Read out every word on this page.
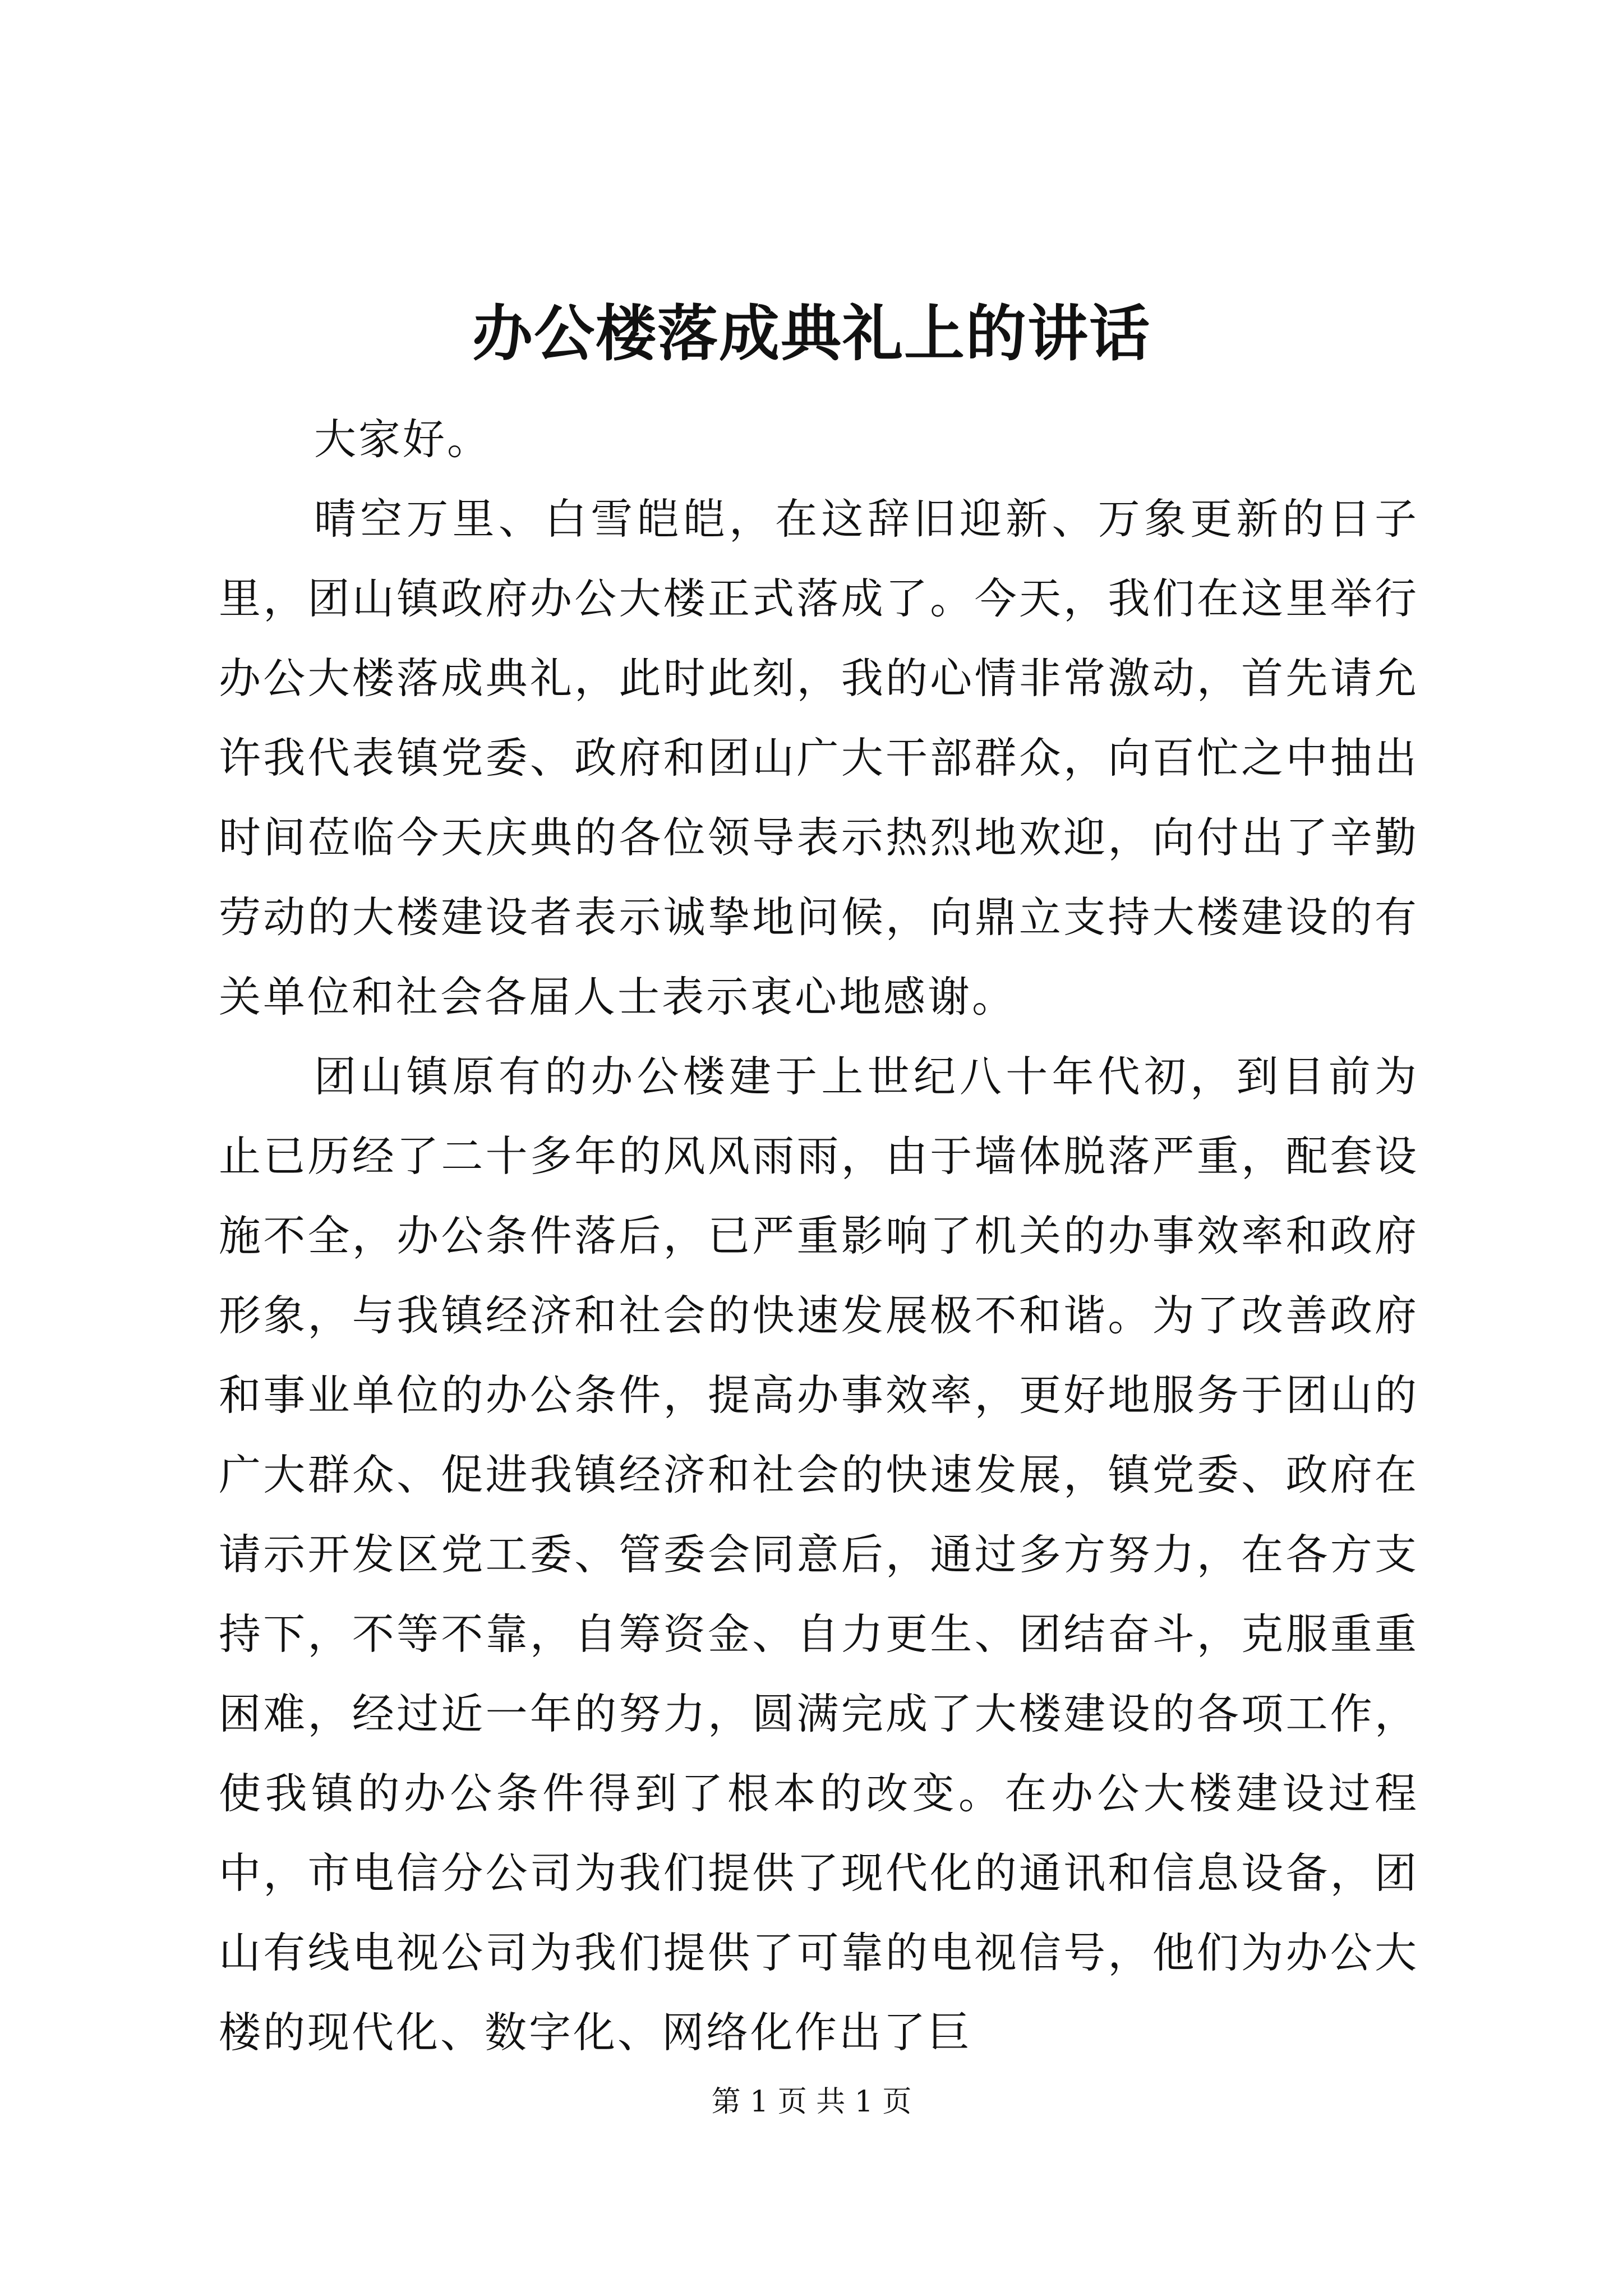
办公楼落成典礼上的讲话

大家好。

晴空万里、白雪皑皑，在这辞旧迎新、万象更新的日子里，团山镇政府办公大楼正式落成了。今天，我们在这里举行办公大楼落成典礼，此时此刻，我的心情非常激动，首先请允许我代表镇党委、政府和团山广大干部群众，向百忙之中抽出时间莅临今天庆典的各位领导表示热烈地欢迎，向付出了辛勤劳动的大楼建设者表示诚挚地问候，向鼎立支持大楼建设的有关单位和社会各届人士表示衷心地感谢。

团山镇原有的办公楼建于上世纪八十年代初，到目前为止已历经了二十多年的风风雨雨，由于墙体脱落严重，配套设施不全，办公条件落后，已严重影响了机关的办事效率和政府形象，与我镇经济和社会的快速发展极不和谐。为了改善政府和事业单位的办公条件，提高办事效率，更好地服务于团山的广大群众、促进我镇经济和社会的快速发展，镇党委、政府在请示开发区党工委、管委会同意后，通过多方努力，在各方支持下，不等不靠，自筹资金、自力更生、团结奋斗，克服重重困难，经过近一年的努力，圆满完成了大楼建设的各项工作，使我镇的办公条件得到了根本的改变。在办公大楼建设过程中，市电信分公司为我们提供了现代化的通讯和信息设备，团山有线电视公司为我们提供了可靠的电视信号，他们为办公大楼的现代化、数字化、网络化作出了巨

第 1 页 共 1 页
